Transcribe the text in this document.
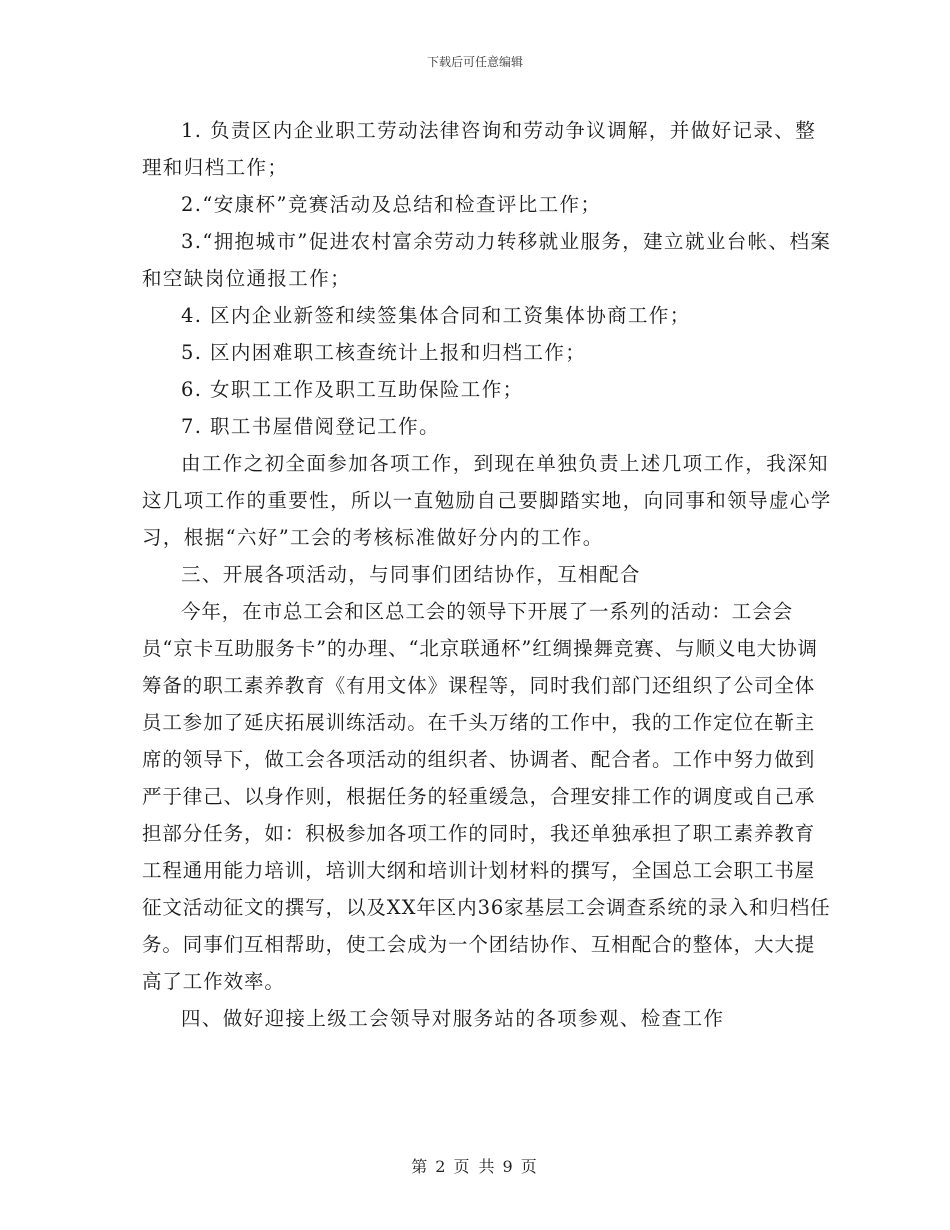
下载后可任意编辑

1. 负责区内企业职工劳动法律咨询和劳动争议调解，并做好记录、整理和归档工作；

2.“安康杯”竞赛活动及总结和检查评比工作；

3.“拥抱城市”促进农村富余劳动力转移就业服务，建立就业台帐、档案和空缺岗位通报工作；

4. 区内企业新签和续签集体合同和工资集体协商工作；

5. 区内困难职工核查统计上报和归档工作；

6. 女职工工作及职工互助保险工作；

7. 职工书屋借阅登记工作。

由工作之初全面参加各项工作，到现在单独负责上述几项工作，我深知这几项工作的重要性，所以一直勉励自己要脚踏实地，向同事和领导虚心学习，根据“六好”工会的考核标准做好分内的工作。

三、开展各项活动，与同事们团结协作，互相配合

今年，在市总工会和区总工会的领导下开展了一系列的活动：工会会员“京卡互助服务卡”的办理、“北京联通杯”红绸操舞竞赛、与顺义电大协调筹备的职工素养教育《有用文体》课程等，同时我们部门还组织了公司全体员工参加了延庆拓展训练活动。在千头万绪的工作中，我的工作定位在靳主席的领导下，做工会各项活动的组织者、协调者、配合者。工作中努力做到严于律己、以身作则，根据任务的轻重缓急，合理安排工作的调度或自己承担部分任务，如：积极参加各项工作的同时，我还单独承担了职工素养教育工程通用能力培训，培训大纲和培训计划材料的撰写，全国总工会职工书屋征文活动征文的撰写，以及XX年区内36家基层工会调查系统的录入和归档任务。同事们互相帮助，使工会成为一个团结协作、互相配合的整体，大大提高了工作效率。

四、做好迎接上级工会领导对服务站的各项参观、检查工作

第 2 页 共 9 页
